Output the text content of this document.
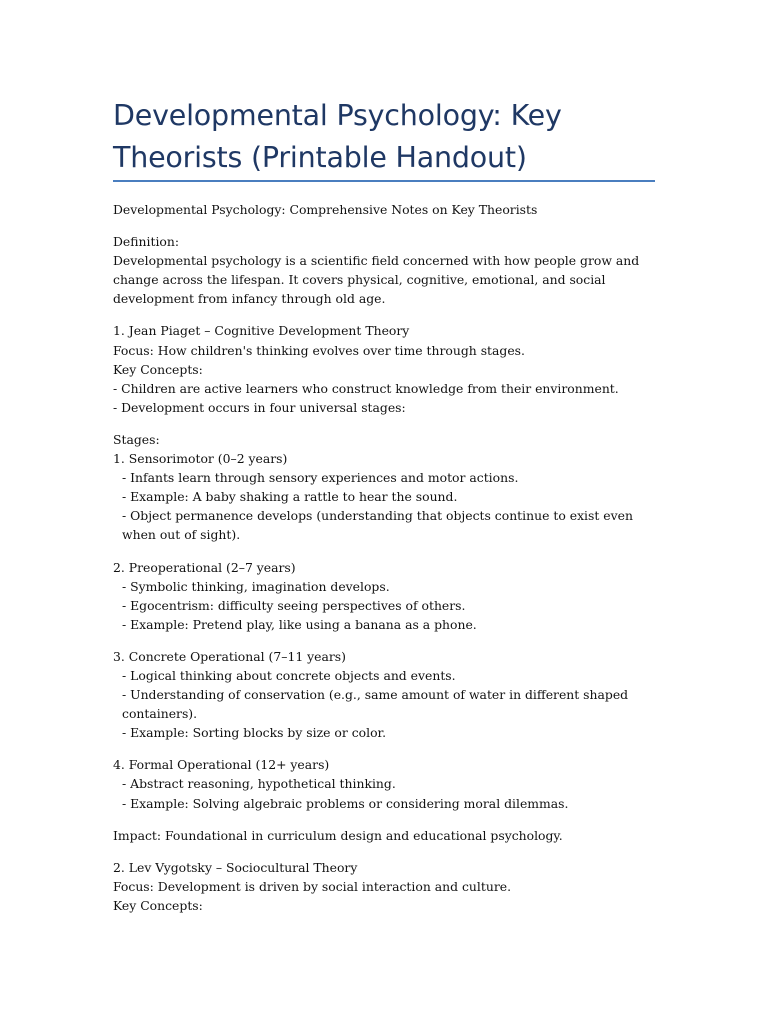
Developmental Psychology: Key Theorists (Printable Handout)

Developmental Psychology: Comprehensive Notes on Key Theorists

Definition:
Developmental psychology is a scientific field concerned with how people grow and change across the lifespan. It covers physical, cognitive, emotional, and social development from infancy through old age.
1. Jean Piaget – Cognitive Development Theory
Focus: How children's thinking evolves over time through stages.
Key Concepts:
- Children are active learners who construct knowledge from their environment.
- Development occurs in four universal stages:
Stages:
1. Sensorimotor (0–2 years)
- Infants learn through sensory experiences and motor actions.
- Example: A baby shaking a rattle to hear the sound.
- Object permanence develops (understanding that objects continue to exist even when out of sight).
2. Preoperational (2–7 years)
- Symbolic thinking, imagination develops.
- Egocentrism: difficulty seeing perspectives of others.
- Example: Pretend play, like using a banana as a phone.
3. Concrete Operational (7–11 years)
- Logical thinking about concrete objects and events.
- Understanding of conservation (e.g., same amount of water in different shaped containers).
- Example: Sorting blocks by size or color.
4. Formal Operational (12+ years)
- Abstract reasoning, hypothetical thinking.
- Example: Solving algebraic problems or considering moral dilemmas.

Impact: Foundational in curriculum design and educational psychology.

2. Lev Vygotsky – Sociocultural Theory
Focus: Development is driven by social interaction and culture.
Key Concepts:
